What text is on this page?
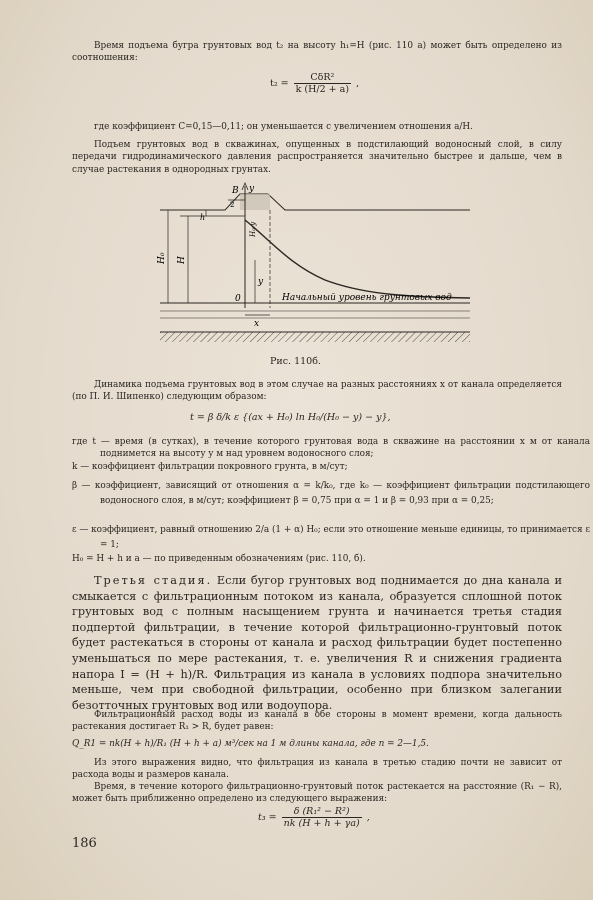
Время подъема бугра грунтовых вод t₂ на высоту h₁=H (рис. 110 а) может быть определено из соотношения:
$t_2 = \frac{\text{CδR²}}{k (H/2 + a)}$ ,
где коэффициент C=0,15—0,11; он уменьшается с увеличением отношения a/H.
Подъем грунтовых вод в скважинах, опущенных в подстилающий водоносный слой, в силу передачи гидродинамического давления распространяется значительно быстрее и дальше, чем в случае растекания в однородных грунтах.
B
2
y
h
H₀ H
H₀-y
y
0
x
Начальный уровень грунтовых вод
Рис. 110б.
Динамика подъема грунтовых вод в этом случае на разных расстояниях x от канала определяется (по П. И. Шипенко) следующим образом:
t = β δ/k ε {(ax + H₀) ln H₀/(H₀ − y) − y},
где t — время (в сутках), в течение которого грунтовая вода в скважине на расстоянии x м от канала поднимется на высоту y м над уровнем водоносного слоя;
k — коэффициент фильтрации покровного грунта, в м/сут;
β — коэффициент, зависящий от отношения α = k/k₀, где k₀ — коэффициент фильтрации подстилающего водоносного слоя, в м/сут; коэффициент β = 0,75 при α = 1 и β = 0,93 при α = 0,25;
ε — коэффициент, равный отношению 2/a (1 + α) H₀; если это отношение меньше единицы, то принимается ε = 1;
H₀ = H + h и a — по приведенным обозначениям (рис. 110, б).
Третья стадия. Если бугор грунтовых вод поднимается до дна канала и смыкается с фильтрационным потоком из канала, образуется сплошной поток грунтовых вод с полным насыщением грунта и начинается третья стадия подпертой фильтрации, в течение которой фильтрационно-грунтовый поток будет растекаться в стороны от канала и расход фильтрации будет постепенно уменьшаться по мере растекания, т. е. увеличения R и снижения градиента напора I = (H + h)/R. Фильтрация из канала в условиях подпора значительно меньше, чем при свободной фильтрации, особенно при близком залегании безотточных грунтовых вод или водоупора.
Фильтрационный расход воды из канала в обе стороны в момент времени, когда дальность растекания достигает R₁ > R, будет равен:
Q_R1 = nk(H + h)/R₁ (H + h + a) м³/сек на 1 м длины канала, где n = 2—1,5.
Из этого выражения видно, что фильтрация из канала в третью стадию почти не зависит от расхода воды и размеров канала.
Время, в течение которого фильтрационно-грунтовый поток растекается на расстояние (R₁ − R), может быть приближенно определено из следующего выражения:
$t_3 = \frac{\text{δ (R₁² − R²)}}{nk (H + h + \gamma a)}$ ,
186
